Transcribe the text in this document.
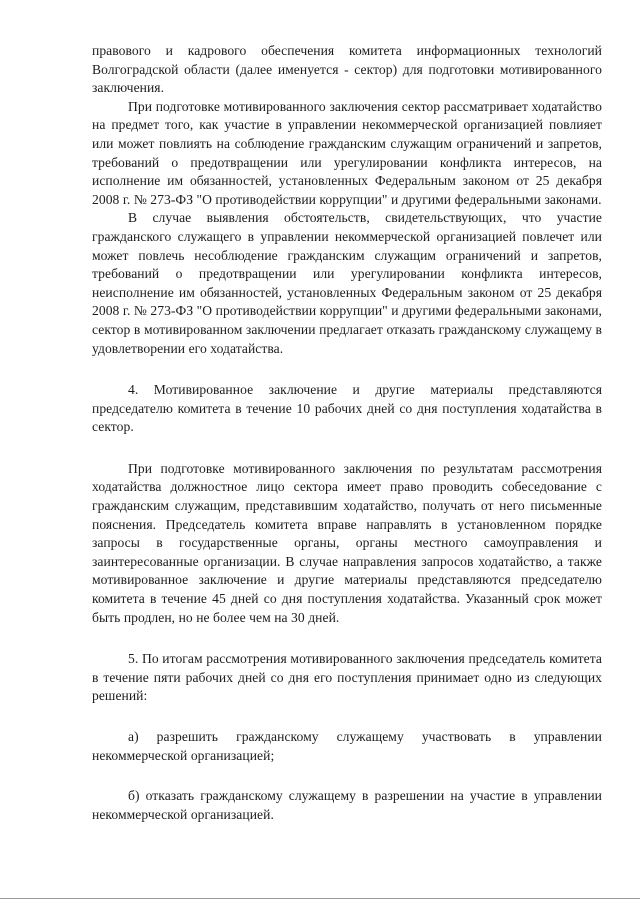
правового и кадрового обеспечения комитета информационных технологий Волгоградской области (далее именуется - сектор) для подготовки мотивированного заключения.

При подготовке мотивированного заключения сектор рассматривает ходатайство на предмет того, как участие в управлении некоммерческой организацией повлияет или может повлиять на соблюдение гражданским служащим ограничений и запретов, требований о предотвращении или урегулировании конфликта интересов, на исполнение им обязанностей, установленных Федеральным законом от 25 декабря 2008 г. № 273-ФЗ "О противодействии коррупции" и другими федеральными законами.

В случае выявления обстоятельств, свидетельствующих, что участие гражданского служащего в управлении некоммерческой организацией повлечет или может повлечь несоблюдение гражданским служащим ограничений и запретов, требований о предотвращении или урегулировании конфликта интересов, неисполнение им обязанностей, установленных Федеральным законом от 25 декабря 2008 г. № 273-ФЗ "О противодействии коррупции" и другими федеральными законами, сектор в мотивированном заключении предлагает отказать гражданскому служащему в удовлетворении его ходатайства.

4. Мотивированное заключение и другие материалы представляются председателю комитета в течение 10 рабочих дней со дня поступления ходатайства в сектор.

При подготовке мотивированного заключения по результатам рассмотрения ходатайства должностное лицо сектора имеет право проводить собеседование с гражданским служащим, представившим ходатайство, получать от него письменные пояснения. Председатель комитета вправе направлять в установленном порядке запросы в государственные органы, органы местного самоуправления и заинтересованные организации. В случае направления запросов ходатайство, а также мотивированное заключение и другие материалы представляются председателю комитета в течение 45 дней со дня поступления ходатайства. Указанный срок может быть продлен, но не более чем на 30 дней.

5. По итогам рассмотрения мотивированного заключения председатель комитета в течение пяти рабочих дней со дня его поступления принимает одно из следующих решений:

а) разрешить гражданскому служащему участвовать в управлении некоммерческой организацией;

б) отказать гражданскому служащему в разрешении на участие в управлении некоммерческой организацией.
